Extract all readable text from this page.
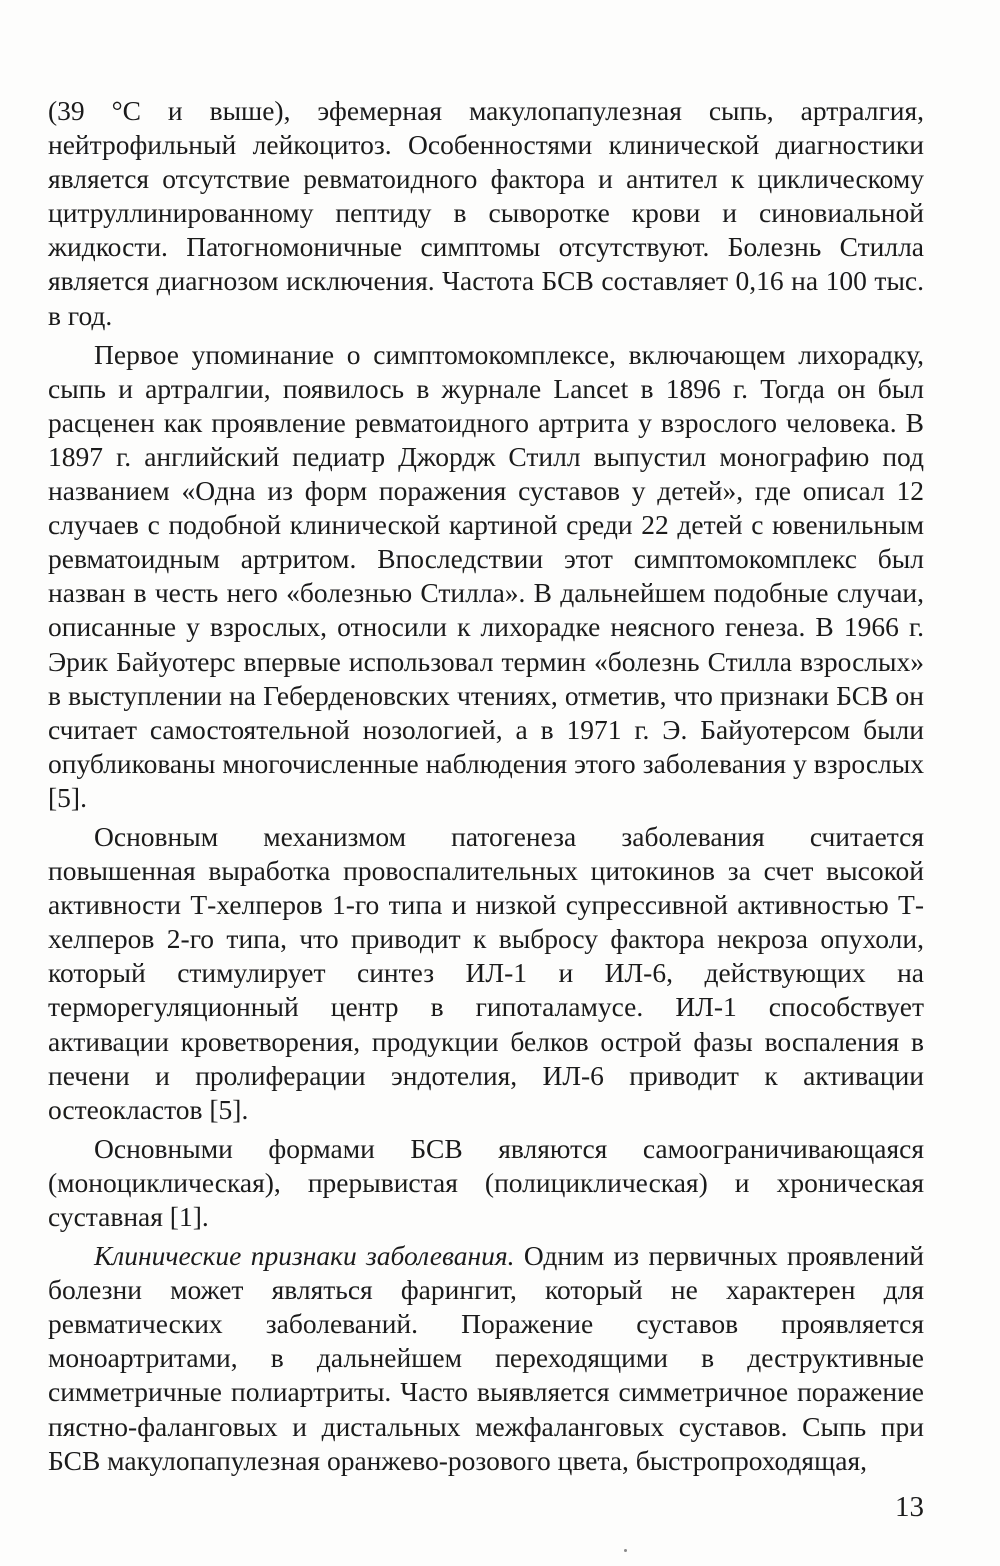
(39 °C и выше), эфемерная макулопапулезная сыпь, артралгия, нейтрофильный лейкоцитоз. Особенностями клинической диагностики является отсутствие ревматоидного фактора и антител к циклическому цитруллинированному пептиду в сыворотке крови и синовиальной жидкости. Патогномоничные симптомы отсутствуют. Болезнь Стилла является диагнозом исключения. Частота БСВ составляет 0,16 на 100 тыс. в год.

Первое упоминание о симптомокомплексе, включающем лихорадку, сыпь и артралгии, появилось в журнале Lancet в 1896 г. Тогда он был расценен как проявление ревматоидного артрита у взрослого человека. В 1897 г. английский педиатр Джордж Стилл выпустил монографию под названием «Одна из форм поражения суставов у детей», где описал 12 случаев с подобной клинической картиной среди 22 детей с ювенильным ревматоидным артритом. Впоследствии этот симптомокомплекс был назван в честь него «болезнью Стилла». В дальнейшем подобные случаи, описанные у взрослых, относили к лихорадке неясного генеза. В 1966 г. Эрик Байуотерс впервые использовал термин «болезнь Стилла взрослых» в выступлении на Гебердeновских чтениях, отметив, что признаки БСВ он считает самостоятельной нозологией, а в 1971 г. Э. Байуотерсом были опубликованы многочисленные наблюдения этого заболевания у взрослых [5].

Основным механизмом патогенеза заболевания считается повышенная выработка провоспалительных цитокинов за счет высокой активности Т-хелперов 1-го типа и низкой супрессивной активностью Т-хелперов 2-го типа, что приводит к выбросу фактора некроза опухоли, который стимулирует синтез ИЛ-1 и ИЛ-6, действующих на терморегуляционный центр в гипоталамусе. ИЛ-1 способствует активации кроветворения, продукции белков острой фазы воспаления в печени и пролиферации эндотелия, ИЛ-6 приводит к активации остеокластов [5].

Основными формами БСВ являются самоограничивающаяся (моноциклическая), прерывистая (полициклическая) и хроническая суставная [1].

Клинические признаки заболевания. Одним из первичных проявлений болезни может являться фарингит, который не характерен для ревматических заболеваний. Поражение суставов проявляется моноартритами, в дальнейшем переходящими в деструктивные симметричные полиартриты. Часто выявляется симметричное поражение пястно-фаланговых и дистальных межфаланговых суставов. Сыпь при БСВ макулопапулезная оранжево-розового цвета, быстропроходящая,

13
